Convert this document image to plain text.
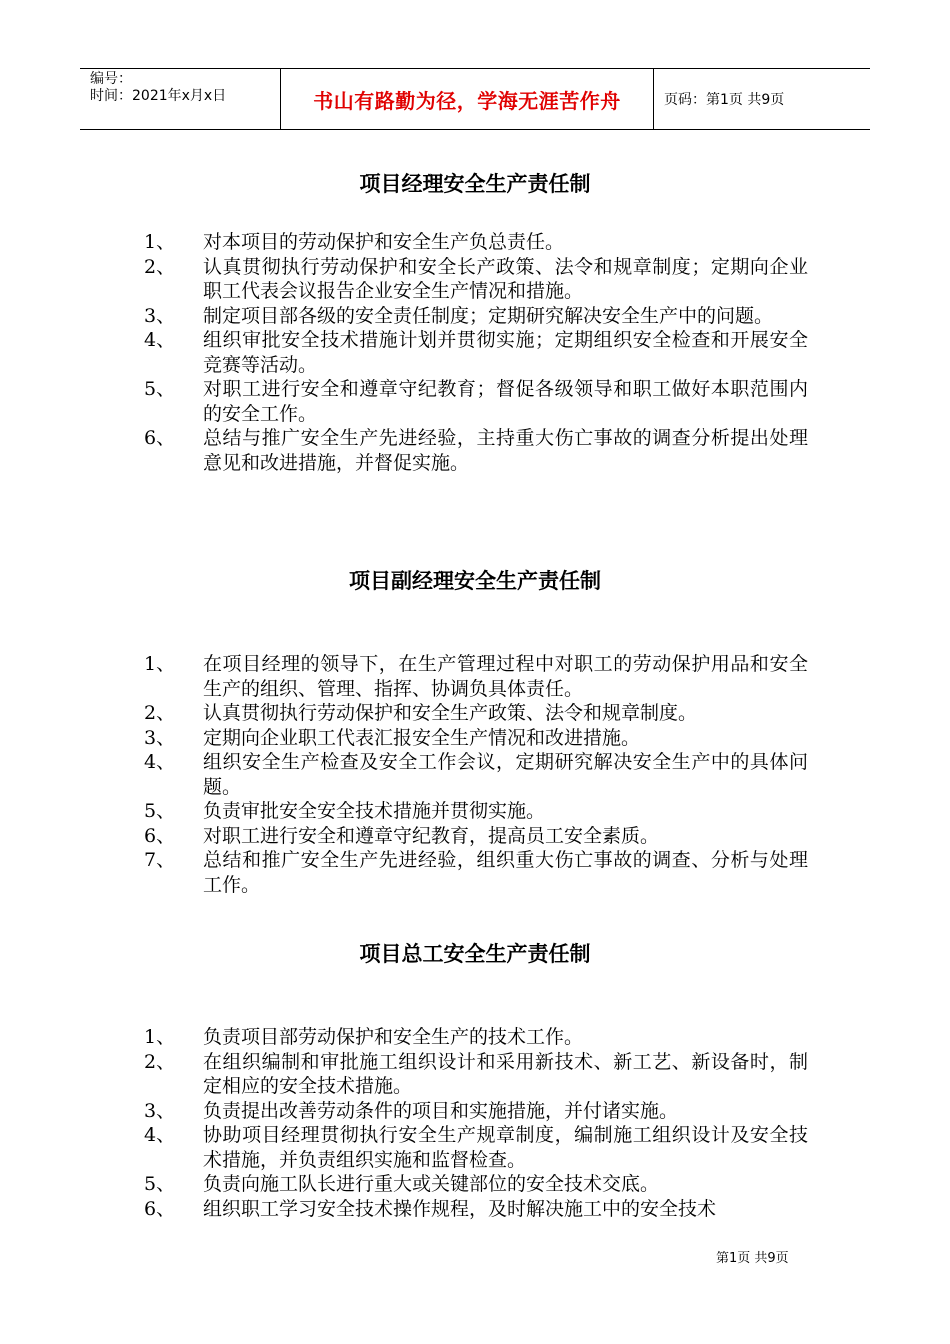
编号：
时间：2021年x月x日	书山有路勤为径，学海无涯苦作舟	页码：第1页 共9页
项目经理安全生产责任制
1、 对本项目的劳动保护和安全生产负总责任。
2、 认真贯彻执行劳动保护和安全长产政策、法令和规章制度；定期向企业职工代表会议报告企业安全生产情况和措施。
3、 制定项目部各级的安全责任制度；定期研究解决安全生产中的问题。
4、 组织审批安全技术措施计划并贯彻实施；定期组织安全检查和开展安全竞赛等活动。
5、 对职工进行安全和遵章守纪教育；督促各级领导和职工做好本职范围内的安全工作。
6、 总结与推广安全生产先进经验，主持重大伤亡事故的调查分析提出处理意见和改进措施，并督促实施。
项目副经理安全生产责任制
1、 在项目经理的领导下，在生产管理过程中对职工的劳动保护用品和安全生产的组织、管理、指挥、协调负具体责任。
2、 认真贯彻执行劳动保护和安全生产政策、法令和规章制度。
3、 定期向企业职工代表汇报安全生产情况和改进措施。
4、 组织安全生产检查及安全工作会议，定期研究解决安全生产中的具体问题。
5、 负责审批安全安全技术措施并贯彻实施。
6、 对职工进行安全和遵章守纪教育，提高员工安全素质。
7、 总结和推广安全生产先进经验，组织重大伤亡事故的调查、分析与处理工作。
项目总工安全生产责任制
1、 负责项目部劳动保护和安全生产的技术工作。
2、 在组织编制和审批施工组织设计和采用新技术、新工艺、新设备时，制定相应的安全技术措施。
3、 负责提出改善劳动条件的项目和实施措施，并付诸实施。
4、 协助项目经理贯彻执行安全生产规章制度，编制施工组织设计及安全技术措施，并负责组织实施和监督检查。
5、 负责向施工队长进行重大或关键部位的安全技术交底。
6、 组织职工学习安全技术操作规程，及时解决施工中的安全技术
第1页 共9页
